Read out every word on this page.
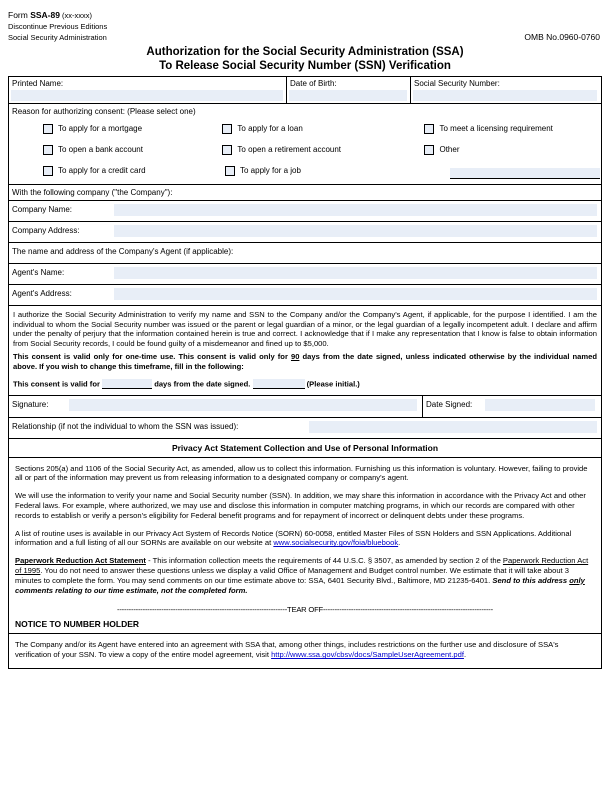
Form SSA-89 (xx-xxxx)
Discontinue Previous Editions
Social Security Administration	OMB No.0960-0760
Authorization for the Social Security Administration (SSA)
To Release Social Security Number (SSN) Verification
Printed Name:	Date of Birth:	Social Security Number:
Reason for authorizing consent: (Please select one)
To apply for a mortgage	To apply for a loan	To meet a licensing requirement
To open a bank account	To open a retirement account	Other
To apply for a credit card	To apply for a job
With the following company ("the Company"):
Company Name:
Company Address:
The name and address of the Company's Agent (if applicable):
Agent's Name:
Agent's Address:
I authorize the Social Security Administration to verify my name and SSN to the Company and/or the Company's Agent, if applicable, for the purpose I identified. I am the individual to whom the Social Security number was issued or the parent or legal guardian of a minor, or the legal guardian of a legally incompetent adult. I declare and affirm under the penalty of perjury that the information contained herein is true and correct. I acknowledge that if I make any representation that I know is false to obtain information from Social Security records, I could be found guilty of a misdemeanor and fined up to $5,000.
This consent is valid only for one-time use. This consent is valid only for 90 days from the date signed, unless indicated otherwise by the individual named above. If you wish to change this timeframe, fill in the following:
This consent is valid for	days from the date signed.	(Please initial.)
Signature:	Date Signed:
Relationship (if not the individual to whom the SSN was issued):
Privacy Act Statement Collection and Use of Personal Information

Sections 205(a) and 1106 of the Social Security Act, as amended, allow us to collect this information. Furnishing us this information is voluntary. However, failing to provide all or part of the information may prevent us from releasing information to a designated company or company's agent.

We will use the information to verify your name and Social Security number (SSN). In addition, we may share this information in accordance with the Privacy Act and other Federal laws. For example, where authorized, we may use and disclose this information in computer matching programs, in which our records are compared with other records to establish or verify a person's eligibility for Federal benefit programs and for repayment of incorrect or delinquent debts under these programs.

A list of routine uses is available in our Privacy Act System of Records Notice (SORN) 60-0058, entitled Master Files of SSN Holders and SSN Applications. Additional information and a full listing of all our SORNs are available on our website at www.socialsecurity.gov/foia/bluebook.

Paperwork Reduction Act Statement - This information collection meets the requirements of 44 U.S.C. § 3507, as amended by section 2 of the Paperwork Reduction Act of 1995. You do not need to answer these questions unless we display a valid Office of Management and Budget control number. We estimate that it will take about 3 minutes to complete the form. You may send comments on our time estimate above to: SSA, 6401 Security Blvd., Baltimore, MD 21235-6401. Send to this address only comments relating to our time estimate, not the completed form.

-------------------------------------------------------------------------TEAR OFF-------------------------------------------------------------------------
NOTICE TO NUMBER HOLDER

The Company and/or its Agent have entered into an agreement with SSA that, among other things, includes restrictions on the further use and disclosure of SSA's verification of your SSN. To view a copy of the entire model agreement, visit http://www.ssa.gov/cbsv/docs/SampleUserAgreement.pdf.
